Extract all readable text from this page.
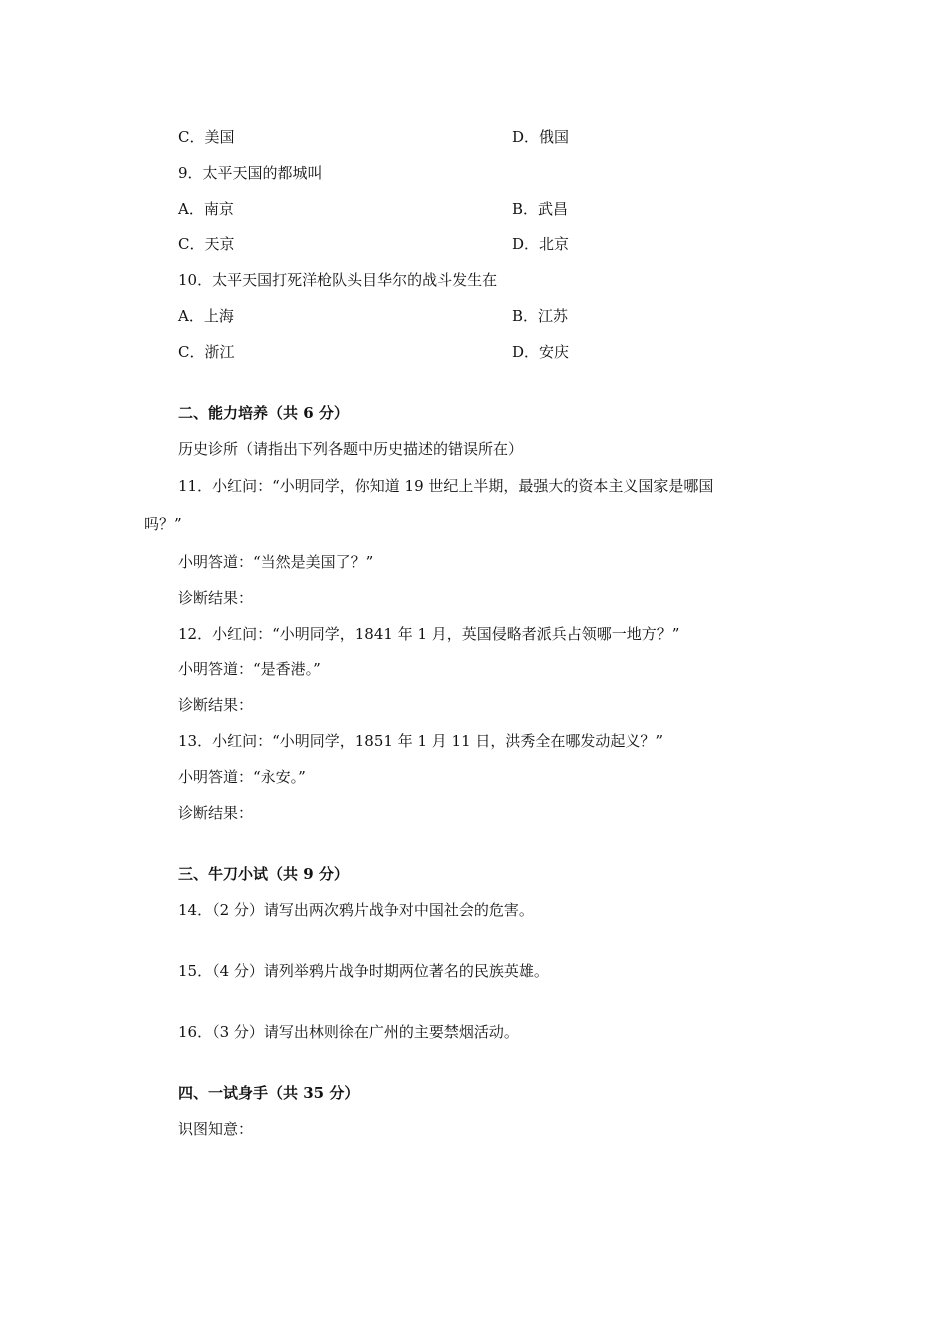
C．美国	D．俄国
9．太平天国的都城叫
A．南京	B．武昌
C．天京	D．北京
10．太平天国打死洋枪队头目华尔的战斗发生在
A．上海	B．江苏
C．浙江	D．安庆
二、能力培养（共 6 分）
历史诊所（请指出下列各题中历史描述的错误所在）
11．小红问：“小明同学，你知道 19 世纪上半期，最强大的资本主义国家是哪国
吗？”
小明答道：“当然是美国了？”
诊断结果：
12．小红问：“小明同学，1841 年 1 月，英国侵略者派兵占领哪一地方？”
小明答道：“是香港。”
诊断结果：
13．小红问：“小明同学，1851 年 1 月 11 日，洪秀全在哪发动起义？”
小明答道：“永安。”
诊断结果：
三、牛刀小试（共 9 分）
14．（2 分）请写出两次鸦片战争对中国社会的危害。
15．（4 分）请列举鸦片战争时期两位著名的民族英雄。
16．（3 分）请写出林则徐在广州的主要禁烟活动。
四、一试身手（共 35 分）
识图知意：
